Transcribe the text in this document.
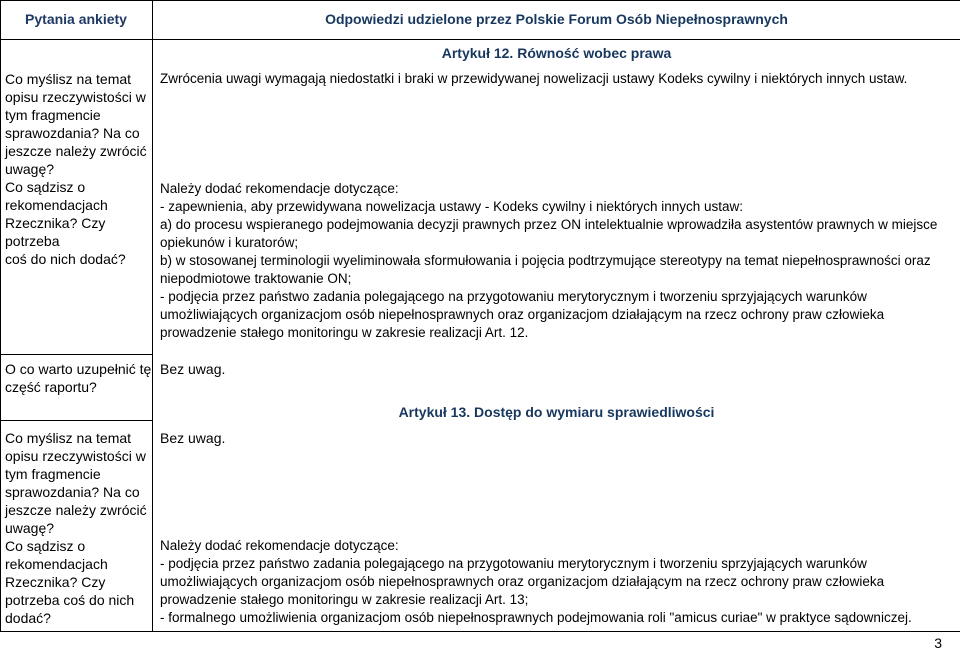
Pytania ankiety	Odpowiedzi udzielone przez Polskie Forum Osób Niepełnosprawnych
Artykuł 12. Równość wobec prawa

Co myślisz na temat

opisu rzeczywistości w

tym fragmencie

sprawozdania? Na co

jeszcze należy zwrócić

uwagę?

Co sądzisz o

rekomendacjach

Rzecznika? Czy potrzeba

coś do nich dodać?

Zwrócenia uwagi wymagają niedostatki i braki w przewidywanej nowelizacji ustawy Kodeks cywilny i niektórych innych ustaw.

Należy dodać rekomendacje dotyczące:

- zapewnienia, aby przewidywana nowelizacja ustawy - Kodeks cywilny i niektórych innych ustaw:

a) do procesu wspieranego podejmowania decyzji prawnych przez ON intelektualnie wprowadziła asystentów prawnych w miejsce

opiekunów i kuratorów;

b) w stosowanej terminologii wyeliminowała sformułowania i pojęcia podtrzymujące stereotypy na temat niepełnosprawności oraz

niepodmiotowe traktowanie ON;

- podjęcia przez państwo zadania polegającego na przygotowaniu merytorycznym i tworzeniu sprzyjających warunków

umożliwiających organizacjom osób niepełnosprawnych oraz organizacjom działającym na rzecz ochrony praw człowieka

prowadzenie stałego monitoringu w zakresie realizacji Art. 12.

O co warto uzupełnić tę

część raportu?

Bez uwag.
Artykuł 13. Dostęp do wymiaru sprawiedliwości

Co myślisz na temat

opisu rzeczywistości w

tym fragmencie

sprawozdania? Na co

jeszcze należy zwrócić

uwagę?

Co sądzisz o

rekomendacjach

Rzecznika? Czy

potrzeba coś do nich

dodać?

Bez uwag.

Należy dodać rekomendacje dotyczące:

- podjęcia przez państwo zadania polegającego na przygotowaniu merytorycznym i tworzeniu sprzyjających warunków

umożliwiających organizacjom osób niepełnosprawnych oraz organizacjom działającym na rzecz ochrony praw człowieka

prowadzenie stałego monitoringu w zakresie realizacji Art. 13;

- formalnego umożliwienia organizacjom osób niepełnosprawnych podejmowania roli "amicus curiae" w praktyce sądowniczej.

3
